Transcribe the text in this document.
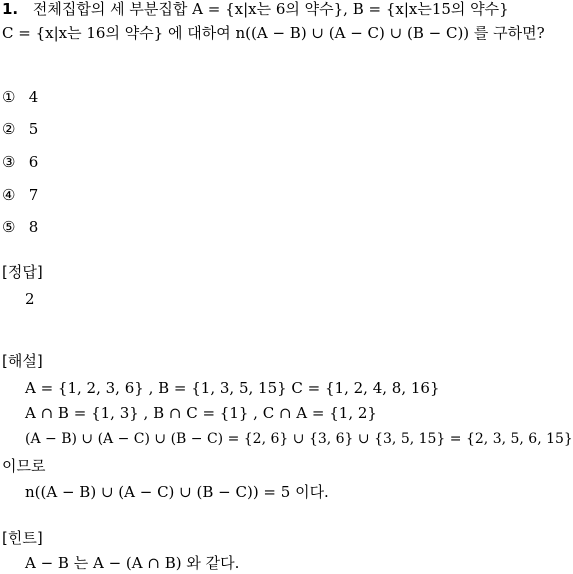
1. 전체집합의 세 부분집합 A = {x|x는 6의 약수}, B = {x|x는15의 약수}
C = {x|x는 16의 약수} 에 대하여 n((A − B) ∪ (A − C) ∪ (B − C)) 를 구하면?
① 4
② 5
③ 6
④ 7
⑤ 8
[정답]
2
[해설]
A = {1, 2, 3, 6} , B = {1, 3, 5, 15} C = {1, 2, 4, 8, 16}
A ∩ B = {1, 3} , B ∩ C = {1} , C ∩ A = {1, 2}
(A − B) ∪ (A − C) ∪ (B − C) = {2, 6} ∪ {3, 6} ∪ {3, 5, 15} = {2, 3, 5, 6, 15}
이므로
n((A − B) ∪ (A − C) ∪ (B − C)) = 5 이다.
[힌트]
A − B 는 A − (A ∩ B) 와 같다.
